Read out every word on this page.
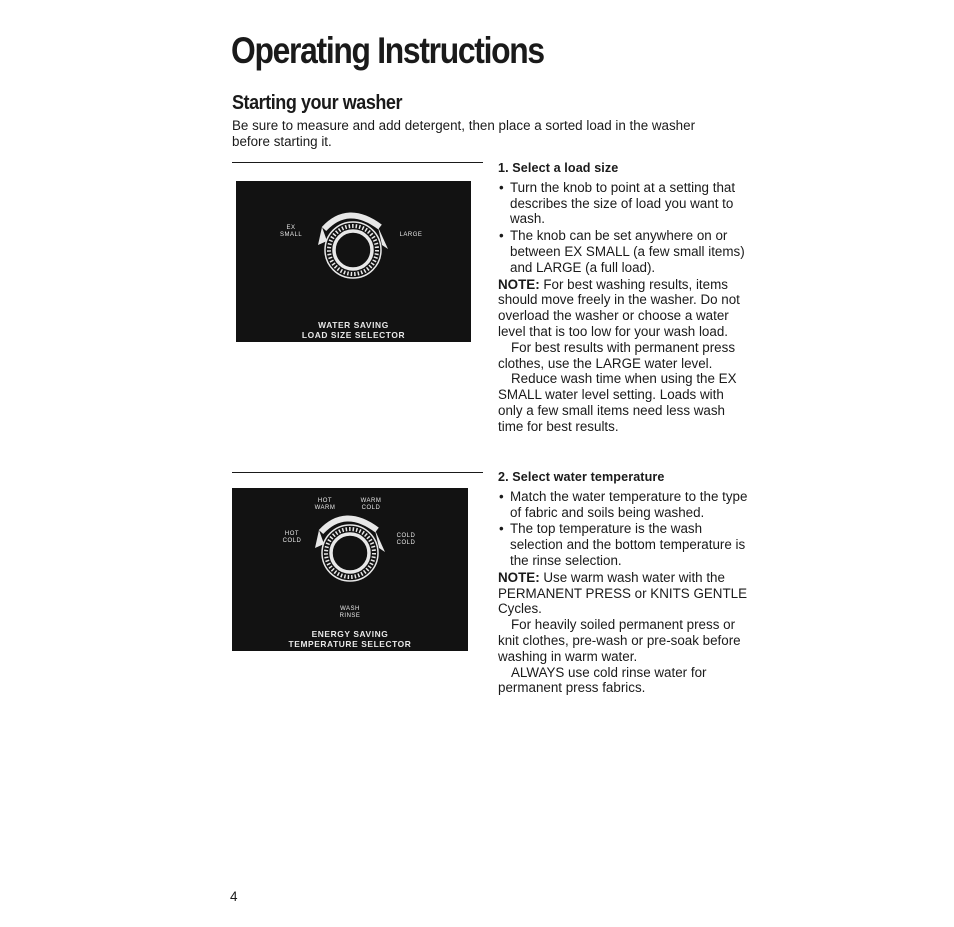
Operating Instructions
Starting your washer

Be sure to measure and add detergent, then place a sorted load in the washer before starting it.

EX
SMALL	LARGE
WATER SAVING
LOAD SIZE SELECTOR
HOT
WARM
WARM
COLD
HOT
COLD
COLD
COLD
WASH
RINSE
ENERGY SAVING
TEMPERATURE SELECTOR
1. Select a load size
• Turn the knob to point at a setting that describes the size of load you want to wash.
• The knob can be set anywhere on or between EX SMALL (a few small items) and LARGE (a full load).

NOTE: For best washing results, items should move freely in the washer. Do not overload the washer or choose a water level that is too low for your wash load.

For best results with permanent press clothes, use the LARGE water level.

Reduce wash time when using the EX SMALL water level setting. Loads with only a few small items need less wash time for best results.

2. Select water temperature
• Match the water temperature to the type of fabric and soils being washed.
• The top temperature is the wash selection and the bottom temperature is the rinse selection.

NOTE: Use warm wash water with the PERMANENT PRESS or KNITS GENTLE Cycles.

For heavily soiled permanent press or knit clothes, pre-wash or pre-soak before washing in warm water.

ALWAYS use cold rinse water for permanent press fabrics.

4
